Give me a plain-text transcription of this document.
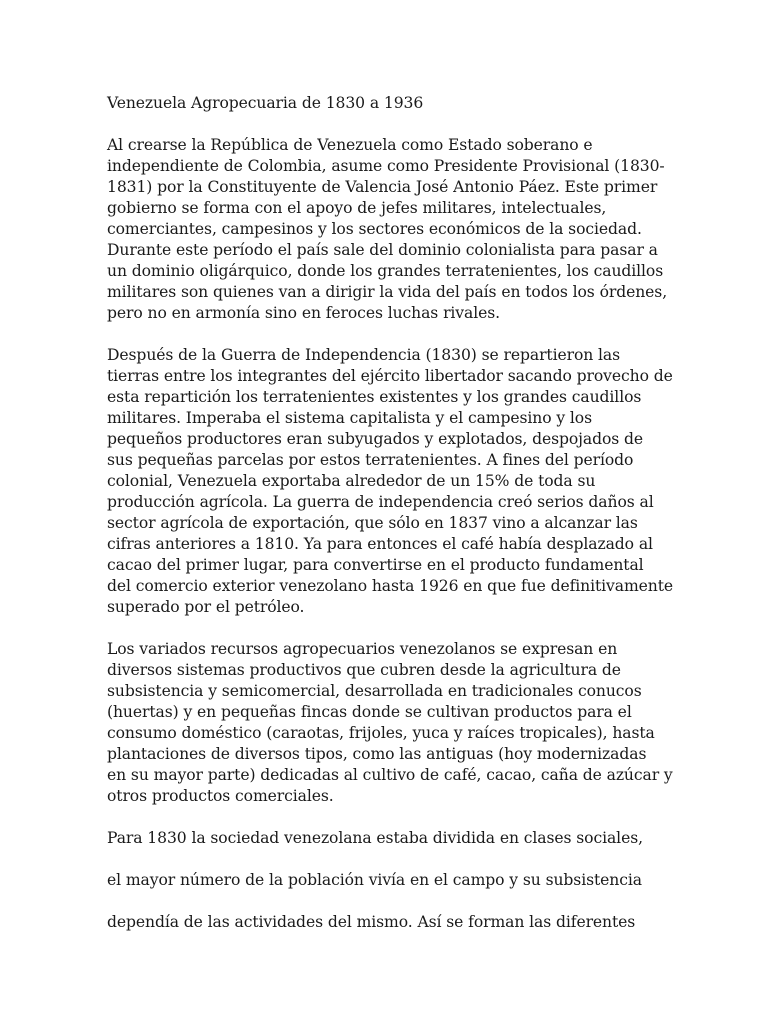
Venezuela Agropecuaria de 1830 a 1936

Al crearse la República de Venezuela como Estado soberano e
independiente de Colombia, asume como Presidente Provisional (1830-
1831) por la Constituyente de Valencia José Antonio Páez. Este primer
gobierno se forma con el apoyo de jefes militares, intelectuales,
comerciantes, campesinos y los sectores económicos de la sociedad.
Durante este período el país sale del dominio colonialista para pasar a
un dominio oligárquico, donde los grandes terratenientes, los caudillos
militares son quienes van a dirigir la vida del país en todos los órdenes,
pero no en armonía sino en feroces luchas rivales.

Después de la Guerra de Independencia (1830) se repartieron las
tierras entre los integrantes del ejército libertador sacando provecho de
esta repartición los terratenientes existentes y los grandes caudillos
militares. Imperaba el sistema capitalista y el campesino y los
pequeños productores eran subyugados y explotados, despojados de
sus pequeñas parcelas por estos terratenientes. A fines del período
colonial, Venezuela exportaba alrededor de un 15% de toda su
producción agrícola. La guerra de independencia creó serios daños al
sector agrícola de exportación, que sólo en 1837 vino a alcanzar las
cifras anteriores a 1810. Ya para entonces el café había desplazado al
cacao del primer lugar, para convertirse en el producto fundamental
del comercio exterior venezolano hasta 1926 en que fue definitivamente
superado por el petróleo.

Los variados recursos agropecuarios venezolanos se expresan en
diversos sistemas productivos que cubren desde la agricultura de
subsistencia y semicomercial, desarrollada en tradicionales conucos
(huertas) y en pequeñas fincas donde se cultivan productos para el
consumo doméstico (caraotas, frijoles, yuca y raíces tropicales), hasta
plantaciones de diversos tipos, como las antiguas (hoy modernizadas
en su mayor parte) dedicadas al cultivo de café, cacao, caña de azúcar y
otros productos comerciales.

Para 1830 la sociedad venezolana estaba dividida en clases sociales,

el mayor número de la población vivía en el campo y su subsistencia

dependía de las actividades del mismo. Así se forman las diferentes
